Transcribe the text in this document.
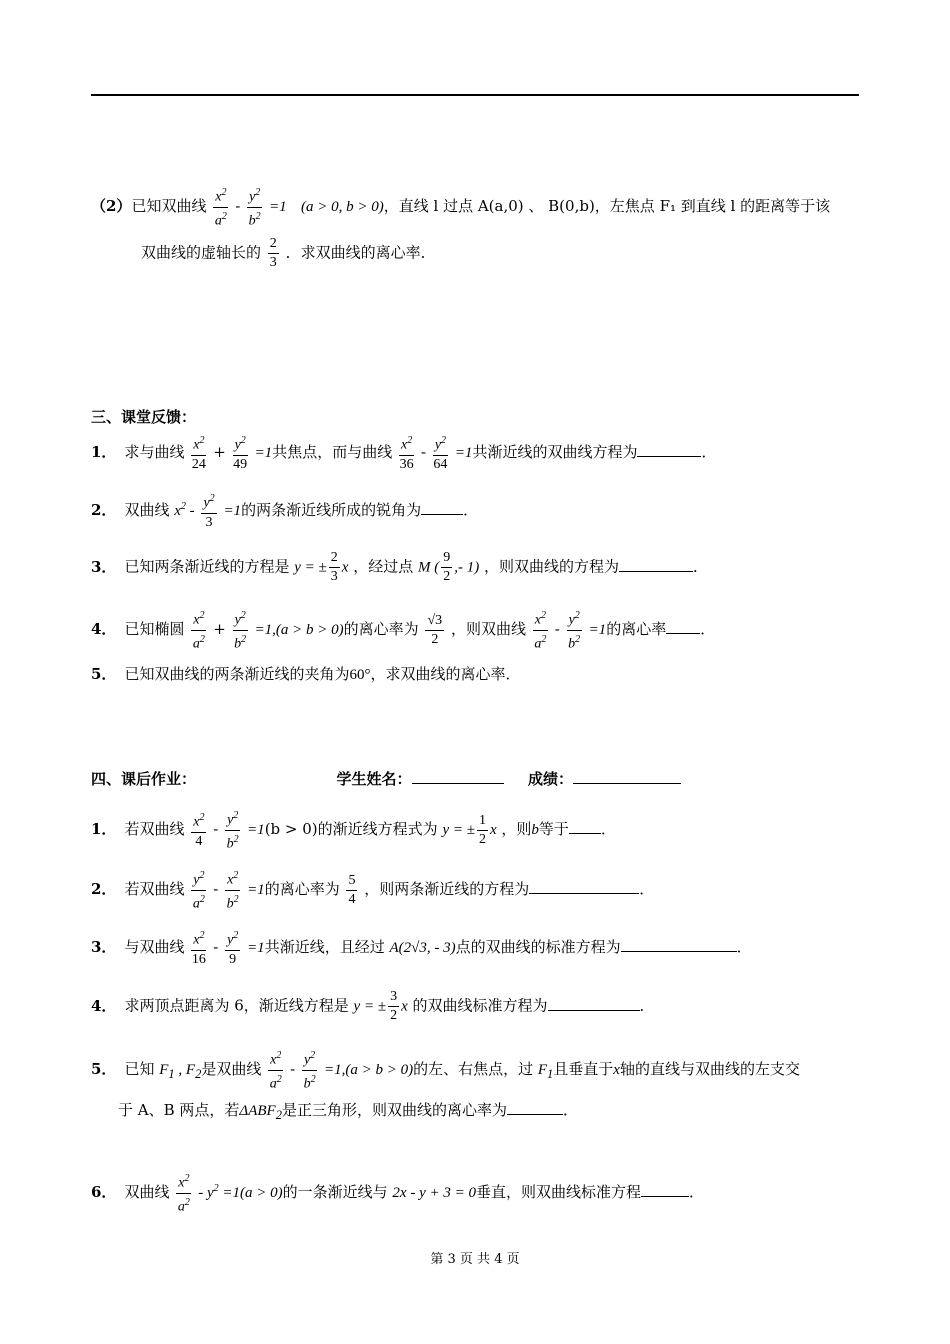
（2）已知双曲线 $\frac{x^2}{a^2} - \frac{y^2}{b^2} =1$ (a > 0, b > 0)，直线 l 过点 A(a,0) 、 B(0,b)，左焦点 F₁ 到直线 l 的距离等于该
双曲线的虚轴长的 $\frac{2}{3}$ ．求双曲线的离心率．
三、课堂反馈：
1． 求与曲线 $\frac{x^2}{24} + \frac{y^2}{49} =1$共焦点，而与曲线 $\frac{x^2}{36} - \frac{y^2}{64} =1$共渐近线的双曲线方程为	．
2． 双曲线 $x^2 - \frac{y^2}{3} =1$的两条渐近线所成的锐角为	．
3． 已知两条渐近线的方程是 y = ± $\frac{2}{3}$ x ，经过点 M ( $\frac{9}{2}$ ,- 1) ，则双曲线的方程为	．
4． 已知椭圆 $\frac{x^2}{a^2} + \frac{y^2}{b^2} =1,(a > b > 0)$的离心率为 $\frac{√3}{2}$ ，则双曲线 $\frac{x^2}{a^2} - \frac{y^2}{b^2} =1$的离心率 ．
5． 已知双曲线的两条渐近线的夹角为60°，求双曲线的离心率．
四、课后作业：	学生姓名：	成绩：
1． 若双曲线 $\frac{x^2}{4} - \frac{y^2}{b^2} =1(b > 0)$的渐近线方程式为 y = ± $\frac{1}{2}$ x ，则b等于 ．
2． 若双曲线 $\frac{y^2}{a^2} - \frac{x^2}{b^2} =1$的离心率为 $\frac{5}{4}$ ，则两条渐近线的方程为	．
3． 与双曲线 $\frac{x^2}{16} - \frac{y^2}{9} =1$共渐近线，且经过 A(2√3, - 3)点的双曲线的标准方程为	．
4． 求两顶点距离为 6，渐近线方程是 y = ± $\frac{3}{2}$ x 的双曲线标准方程为	．
5． 已知 $F_1$ , $F_2$是双曲线 $\frac{x^2}{a^2} - \frac{y^2}{b^2} =1,(a > b > 0)$的左、右焦点，过 $F_1$且垂直于x轴的直线与双曲线的左支交
于 A、B 两点，若$\Delta ABF_2$是正三角形，则双曲线的离心率为	．
6． 双曲线 $\frac{x^2}{a^2} - y^2 =1(a > 0)$的一条渐近线与 2x - y + 3 = 0垂直，则双曲线标准方程	．
第 3 页 共 4 页
